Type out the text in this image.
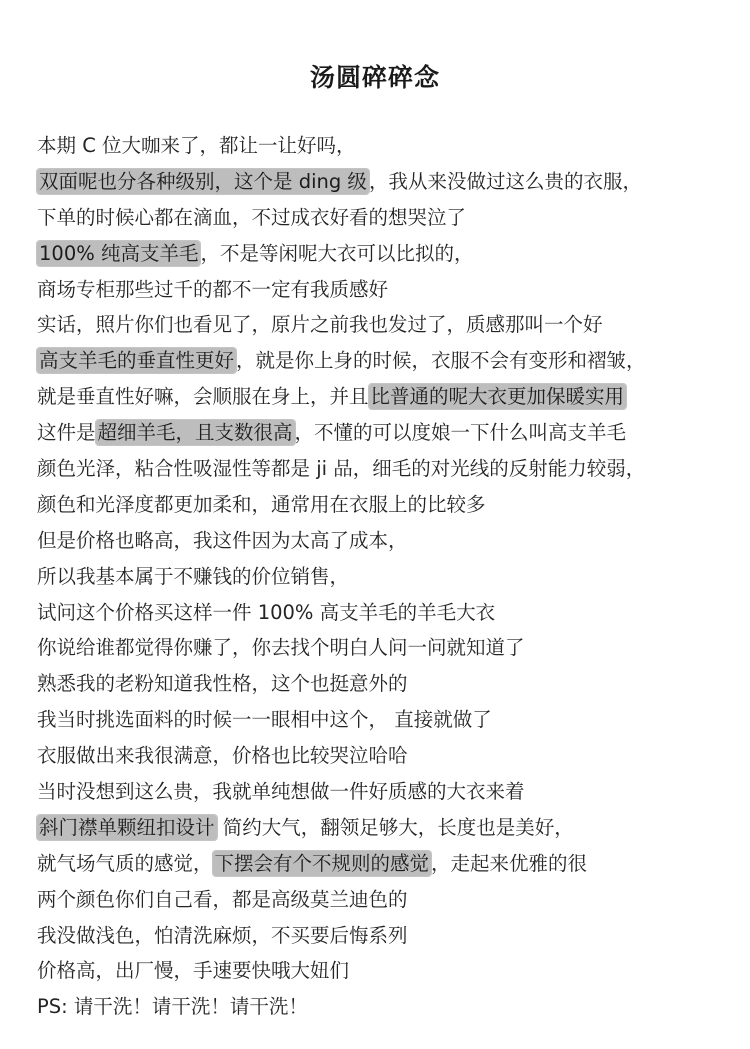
汤圆碎碎念
本期 C 位大咖来了，都让一让好吗，
双面呢也分各种级别，这个是 ding 级 ，我从来没做过这么贵的衣服，
下单的时候心都在滴血，不过成衣好看的想哭泣了
100% 纯高支羊毛 ，不是等闲呢大衣可以比拟的，
商场专柜那些过千的都不一定有我质感好
实话，照片你们也看见了，原片之前我也发过了，质感那叫一个好
高支羊毛的垂直性更好 ，就是你上身的时候，衣服不会有变形和褶皱，
就是垂直性好嘛，会顺服在身上，并且 比普通的呢大衣更加保暖实用
这件是 超细羊毛，且支数很高 ，不懂的可以度娘一下什么叫高支羊毛
颜色光泽，粘合性吸湿性等都是 ji 品，细毛的对光线的反射能力较弱，
颜色和光泽度都更加柔和，通常用在衣服上的比较多
但是价格也略高，我这件因为太高了成本，
所以我基本属于不赚钱的价位销售，
试问这个价格买这样一件 100% 高支羊毛的羊毛大衣
你说给谁都觉得你赚了，你去找个明白人问一问就知道了
熟悉我的老粉知道我性格，这个也挺意外的
我当时挑选面料的时候一一眼相中这个， 直接就做了
衣服做出来我很满意，价格也比较哭泣哈哈
当时没想到这么贵，我就单纯想做一件好质感的大衣来着
斜门襟单颗纽扣设计 简约大气，翻领足够大，长度也是美好，
就气场气质的感觉， 下摆会有个不规则的感觉 ，走起来优雅的很
两个颜色你们自己看，都是高级莫兰迪色的
我没做浅色，怕清洗麻烦，不买要后悔系列
价格高，出厂慢，手速要快哦大妞们
PS: 请干洗！请干洗！请干洗！
